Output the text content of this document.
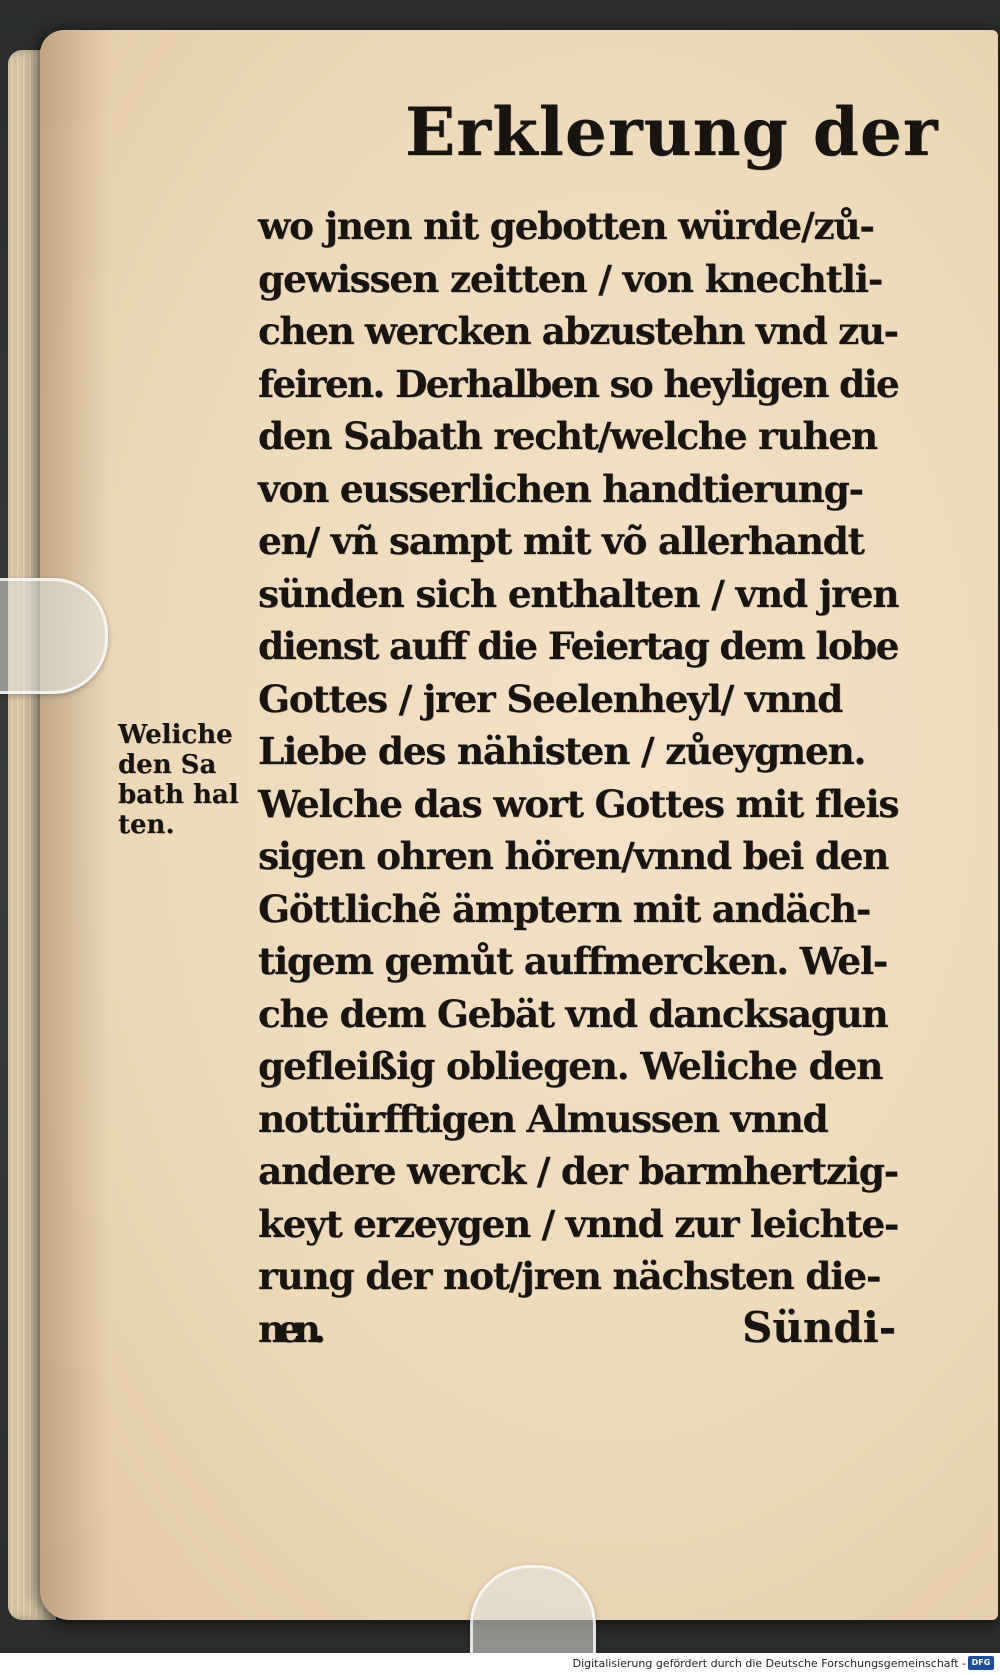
Erklerung der
wo jnen nit gebotten würde/zů-
gewissen zeitten / von knechtli-
chen wercken abzustehn vnd zu-
feiren. Derhalben so heyligen die
den Sabath recht/welche ruhen
von eusserlichen handtierung-
en/ vñ sampt mit võ allerhandt
sünden sich enthalten / vnd jren
dienst auff die Feiertag dem lobe
Gottes / jrer Seelenheyl/ vnnd
Liebe des nähisten / zůeygnen.
Welche das wort Gottes mit fleis
sigen ohren hören/vnnd bei den
Göttlichẽ ämptern mit andäch-
tigem gemůt auffmercken. Wel-
che dem Gebät vnd dancksagun
gefleißig obliegen. Weliche den
nottürfftigen Almussen vnnd
andere werck / der barmhertzig-
keyt erzeygen / vnnd zur leichte-
rung der not/jren nächsten die-
nen.
Weliche
den Sa
bath hal
ten.
Sündi-
Digitalisierung gefördert durch die Deutsche Forschungsgemeinschaft - DFG
